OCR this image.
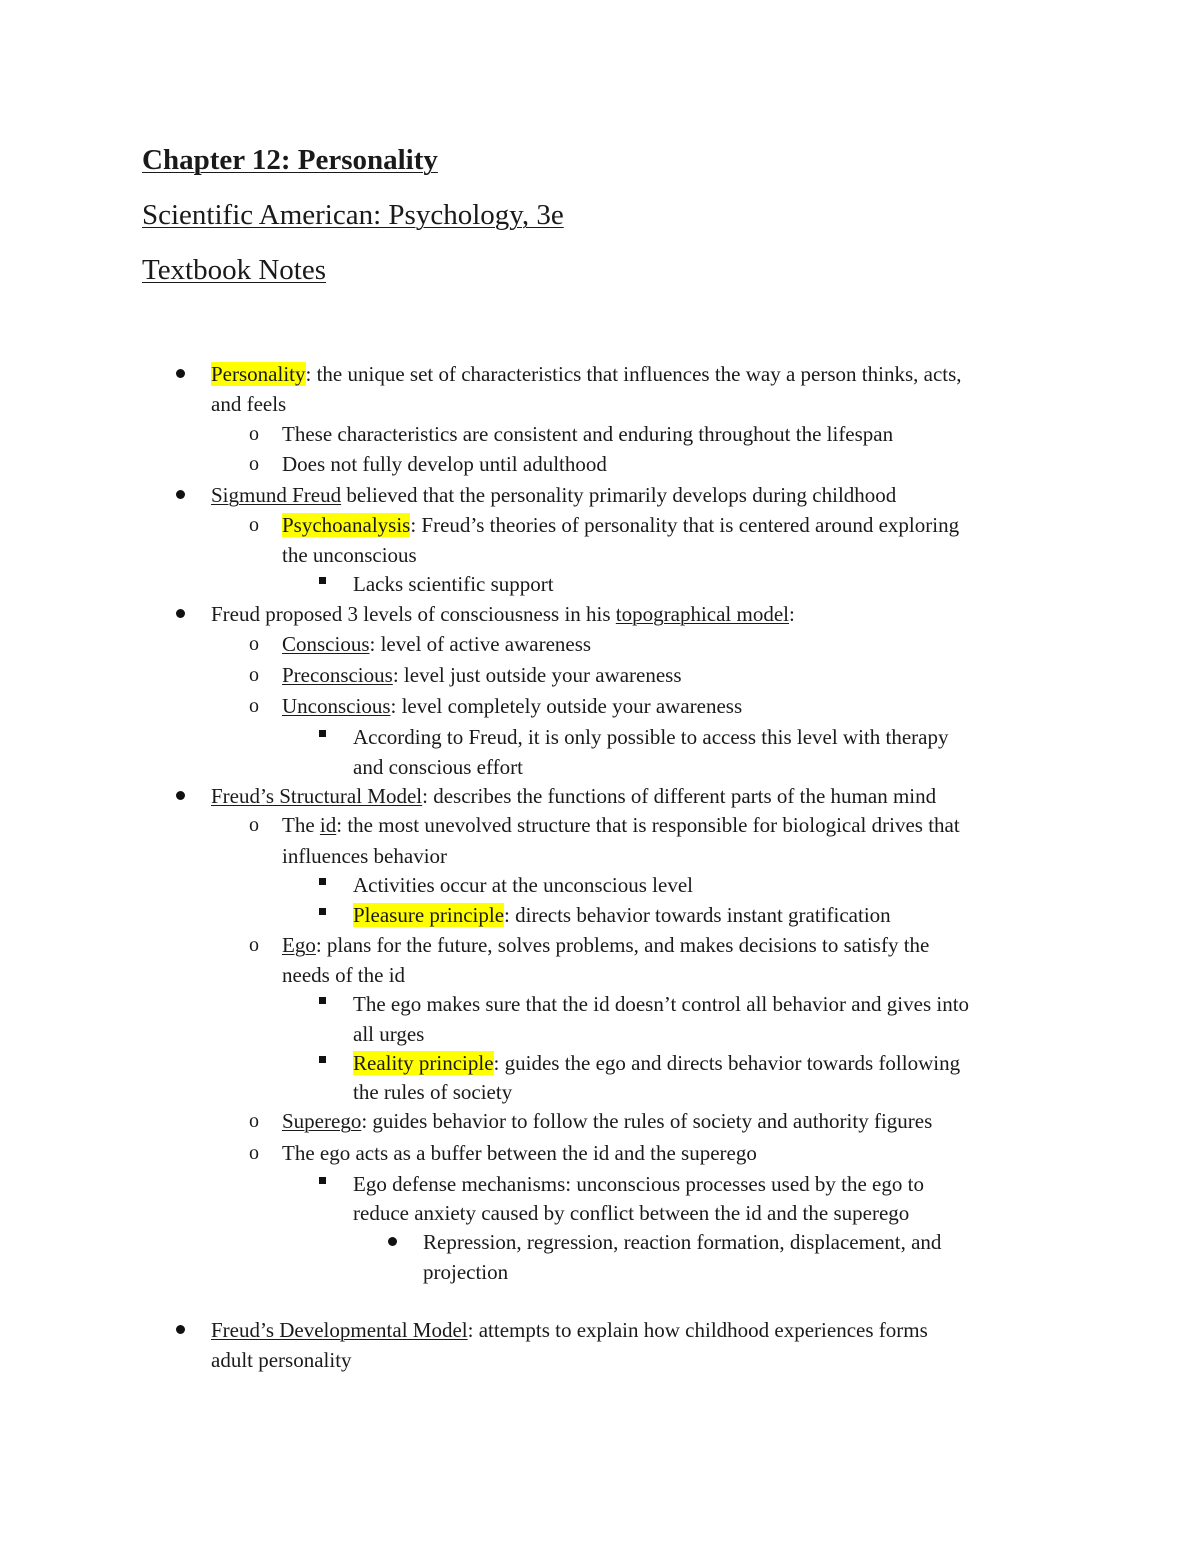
Chapter 12: Personality
Scientific American: Psychology, 3e
Textbook Notes
Personality: the unique set of characteristics that influences the way a person thinks, acts,
and feels
o These characteristics are consistent and enduring throughout the lifespan
o Does not fully develop until adulthood
Sigmund Freud believed that the personality primarily develops during childhood
o Psychoanalysis: Freud’s theories of personality that is centered around exploring
the unconscious
Lacks scientific support
Freud proposed 3 levels of consciousness in his topographical model:
o Conscious: level of active awareness
o Preconscious: level just outside your awareness
o Unconscious: level completely outside your awareness
According to Freud, it is only possible to access this level with therapy
and conscious effort
Freud’s Structural Model: describes the functions of different parts of the human mind
o The id: the most unevolved structure that is responsible for biological drives that
influences behavior
Activities occur at the unconscious level
Pleasure principle: directs behavior towards instant gratification
o Ego: plans for the future, solves problems, and makes decisions to satisfy the
needs of the id
The ego makes sure that the id doesn’t control all behavior and gives into
all urges
Reality principle: guides the ego and directs behavior towards following
the rules of society
o Superego: guides behavior to follow the rules of society and authority figures
o The ego acts as a buffer between the id and the superego
Ego defense mechanisms: unconscious processes used by the ego to
reduce anxiety caused by conflict between the id and the superego
Repression, regression, reaction formation, displacement, and
projection
Freud’s Developmental Model: attempts to explain how childhood experiences forms
adult personality
